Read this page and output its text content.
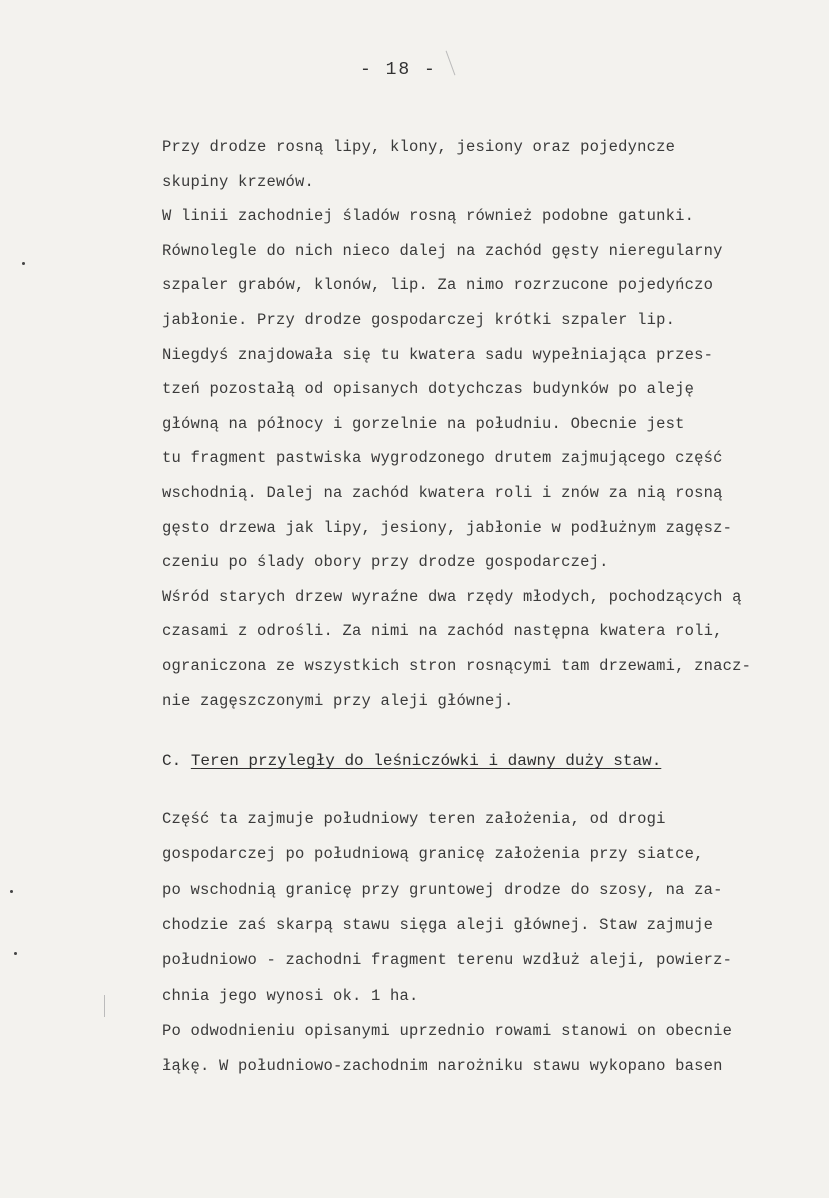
- 18 -
Przy drodze rosną lipy, klony, jesiony oraz pojedyncze
skupiny krzewów.
W linii zachodniej śladów rosną również podobne gatunki.
Równolegle do nich nieco dalej na zachód gęsty nieregularny
szpaler grabów, klonów, lip. Za nimo rozrzucone pojedyńczo
jabłonie. Przy drodze gospodarczej krótki szpaler lip.
Niegdyś znajdowała się tu kwatera sadu wypełniająca przes-
tzeń pozostałą od opisanych dotychczas budynków po aleję
główną na północy i gorzelnie na południu. Obecnie jest
tu fragment pastwiska wygrodzonego drutem zajmującego część
wschodnią. Dalej na zachód kwatera roli i znów za nią rosną
gęsto drzewa jak lipy, jesiony, jabłonie w podłużnym zagęsz-
czeniu po ślady obory przy drodze gospodarczej.
Wśród starych drzew wyraźne dwa rzędy młodych, pochodzących ą
czasami z odrośli. Za nimi na zachód następna kwatera roli,
ograniczona ze wszystkich stron rosnącymi tam drzewami, znacz-
nie zagęszczonymi przy aleji głównej.
C. Teren przyległy do leśniczówki i dawny duży staw.
Część ta zajmuje południowy teren założenia, od drogi
gospodarczej po południową granicę założenia przy siatce,
po wschodnią granicę przy gruntowej drodze do szosy, na za-
chodzie zaś skarpą stawu sięga aleji głównej. Staw zajmuje
południowo - zachodni fragment terenu wzdłuż aleji, powierz-
chnia jego wynosi ok. 1 ha.
Po odwodnieniu opisanymi uprzednio rowami stanowi on obecnie
łąkę. W południowo-zachodnim narożniku stawu wykopano basen
